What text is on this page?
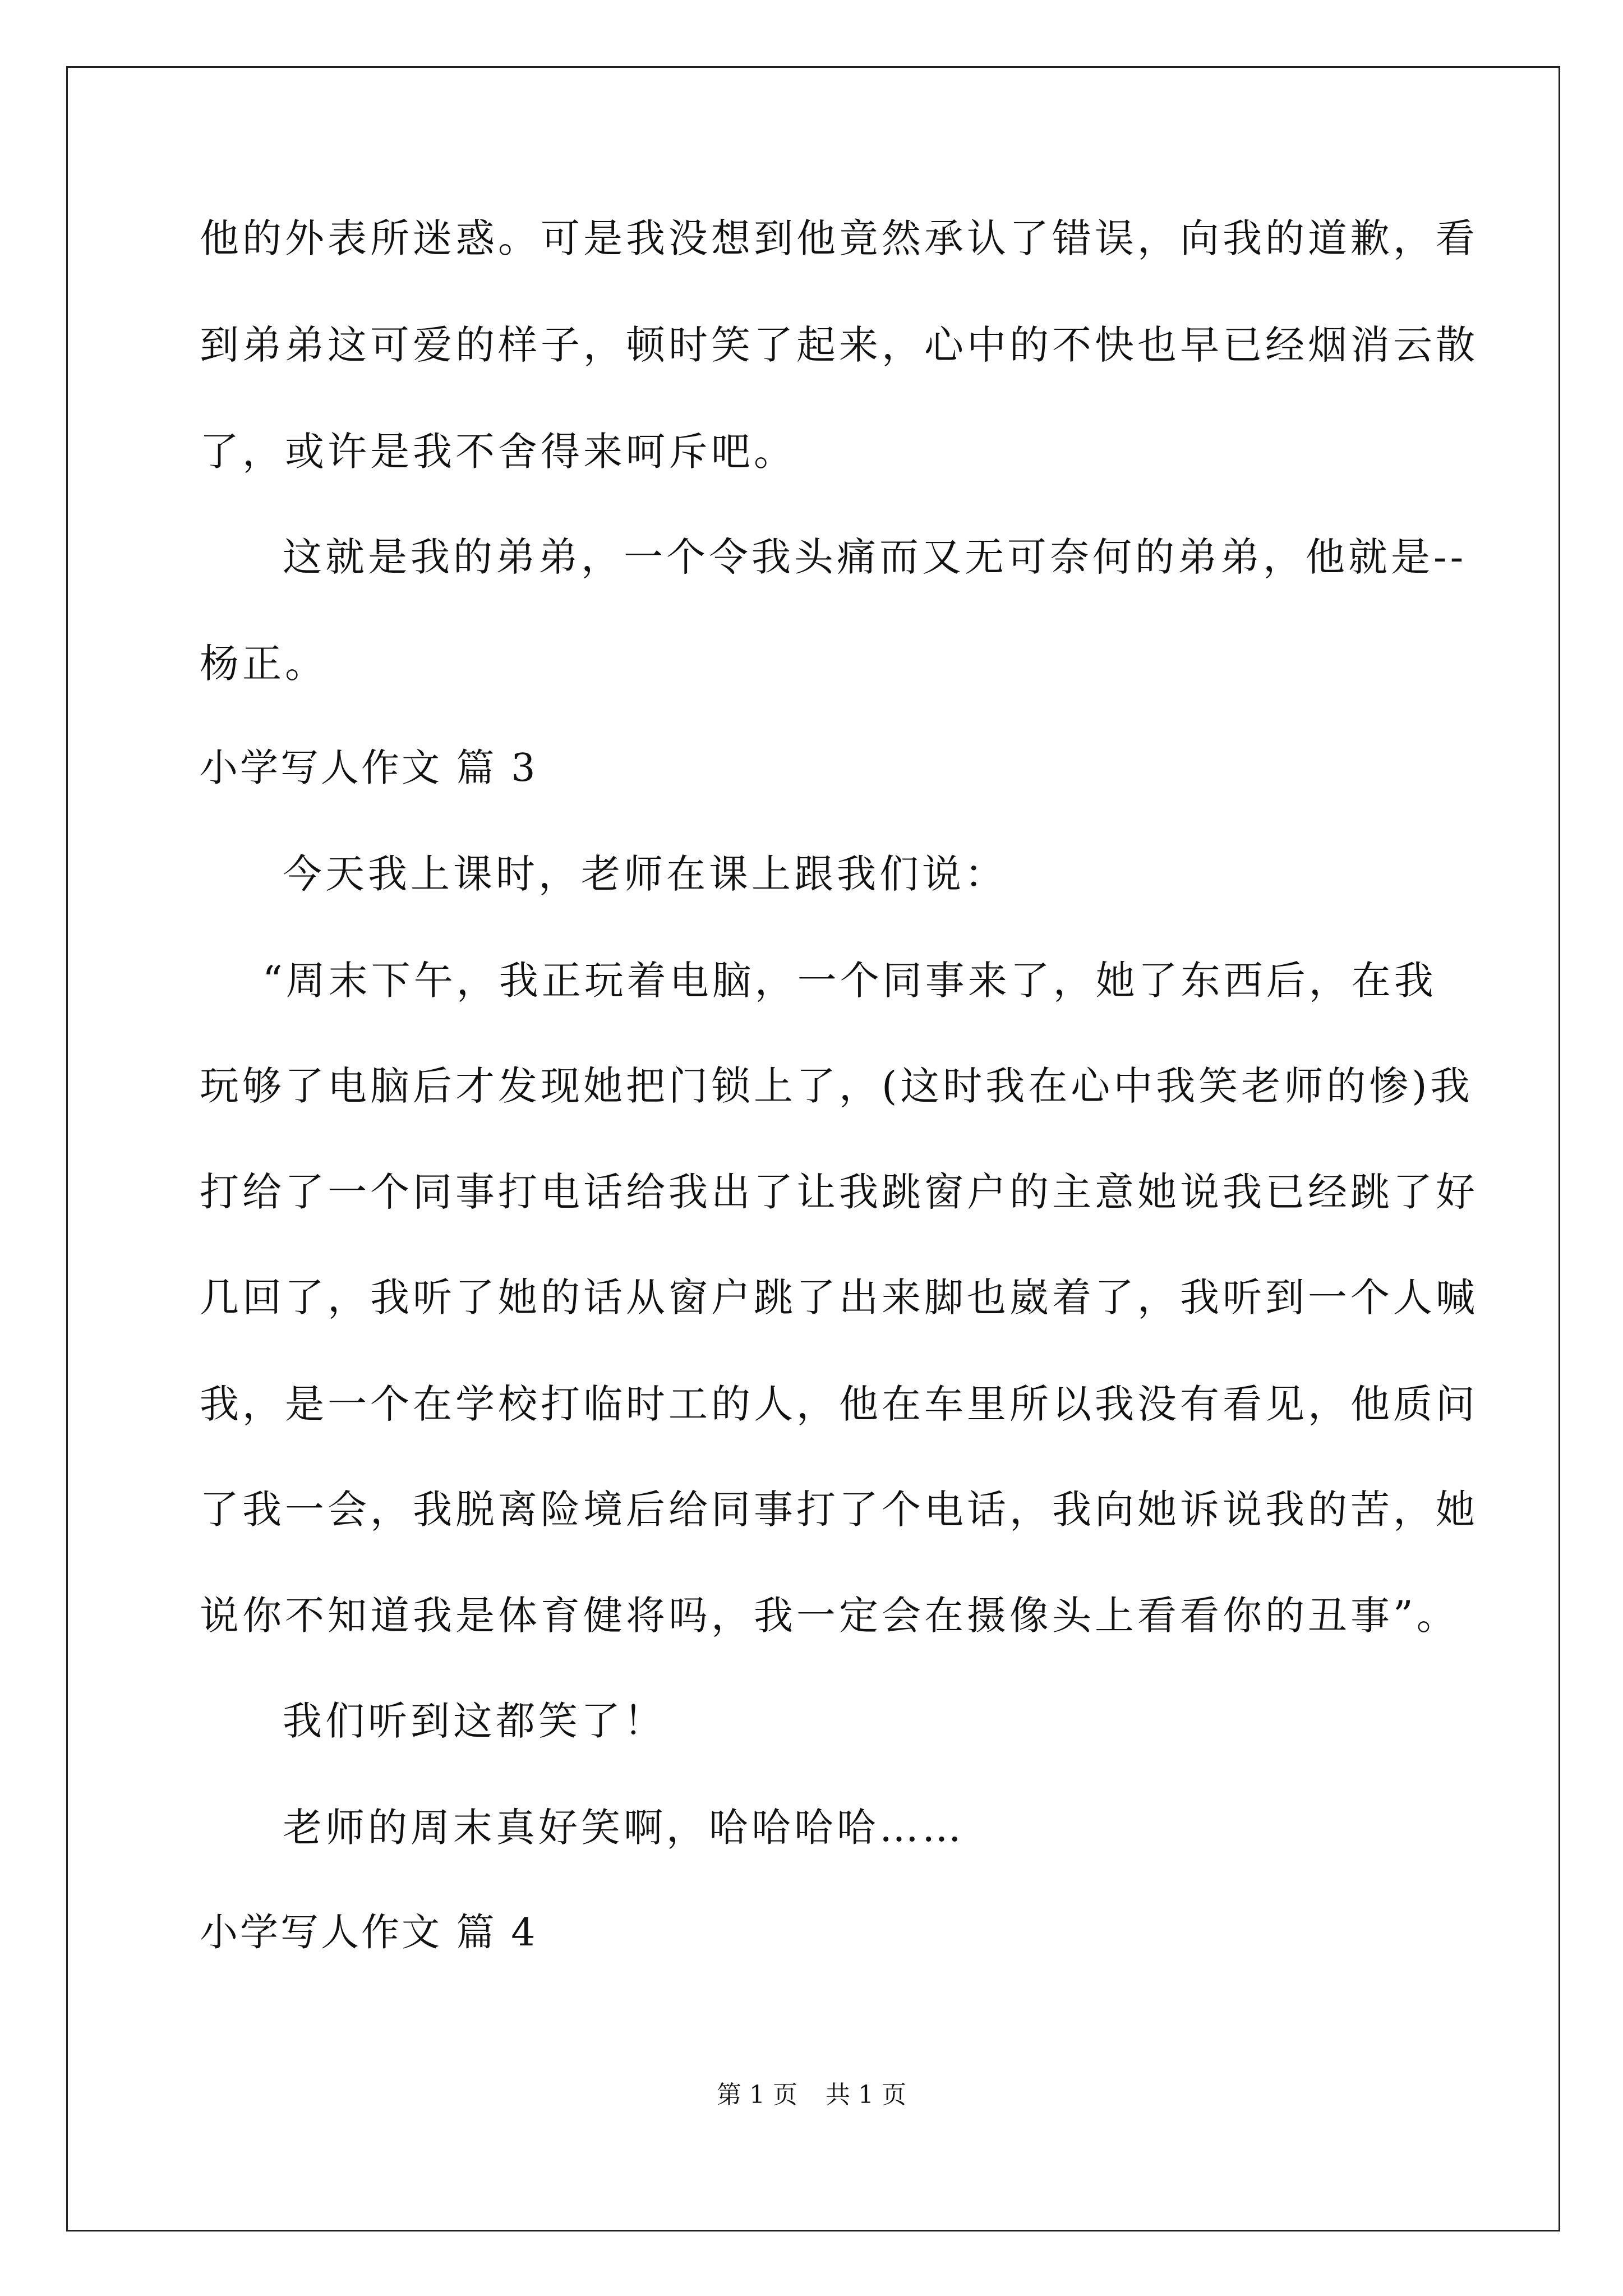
他的外表所迷惑。可是我没想到他竟然承认了错误，向我的道歉，看
到弟弟这可爱的样子，顿时笑了起来，心中的不快也早已经烟消云散
了，或许是我不舍得来呵斥吧。
这就是我的弟弟，一个令我头痛而又无可奈何的弟弟，他就是--
杨正。
小学写人作文 篇 3
今天我上课时，老师在课上跟我们说：
“周末下午，我正玩着电脑，一个同事来了，她了东西后，在我
玩够了电脑后才发现她把门锁上了，(这时我在心中我笑老师的惨)我
打给了一个同事打电话给我出了让我跳窗户的主意她说我已经跳了好
几回了，我听了她的话从窗户跳了出来脚也崴着了，我听到一个人喊
我，是一个在学校打临时工的人，他在车里所以我没有看见，他质问
了我一会，我脱离险境后给同事打了个电话，我向她诉说我的苦，她
说你不知道我是体育健将吗，我一定会在摄像头上看看你的丑事”。
我们听到这都笑了！
老师的周末真好笑啊，哈哈哈哈……
小学写人作文 篇 4
第 1 页 共 1 页
